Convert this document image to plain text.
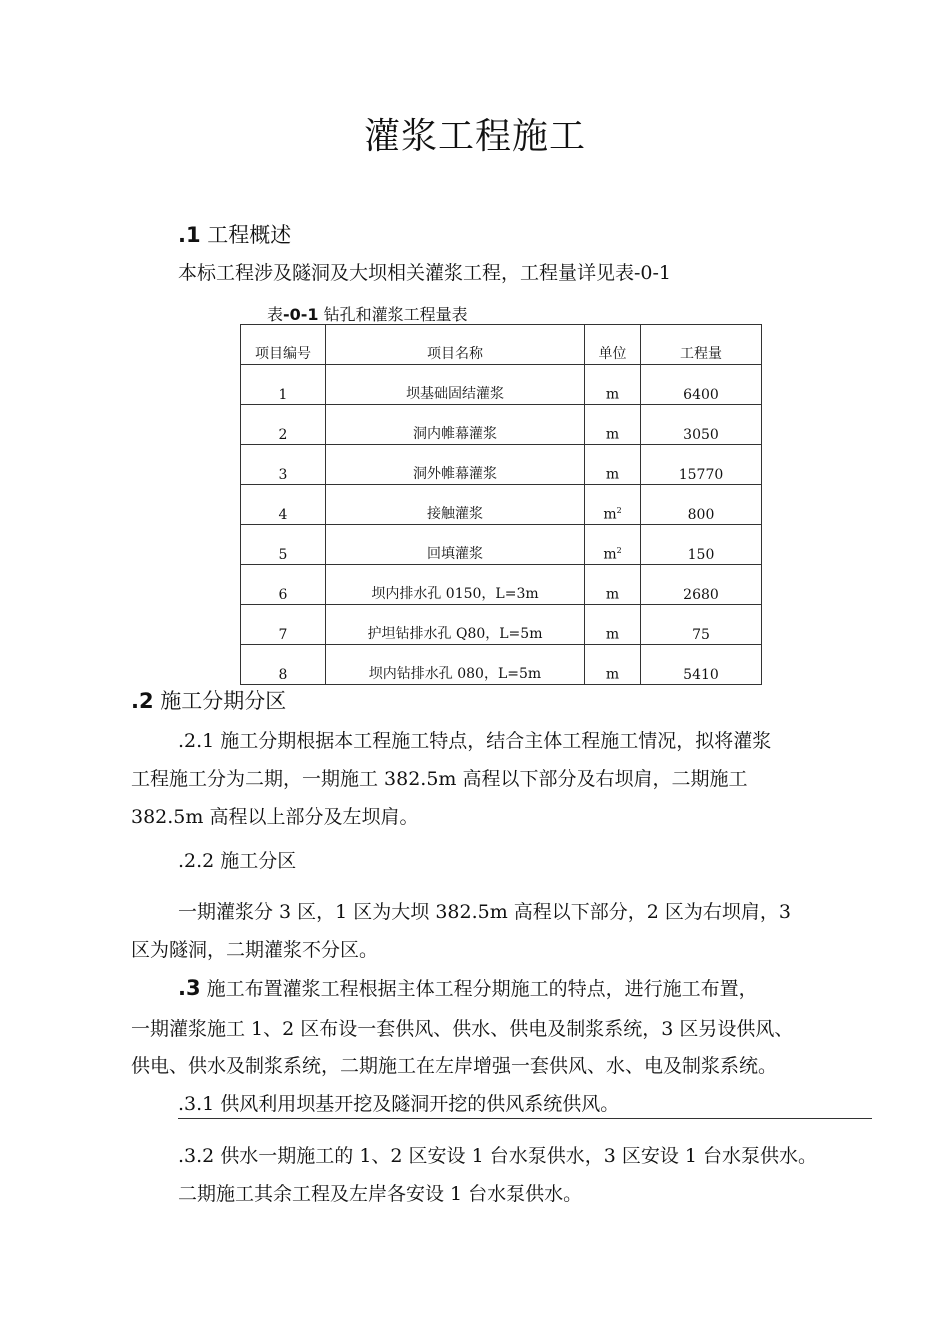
灌浆工程施工
.1 工程概述
本标工程涉及隧洞及大坝相关灌浆工程，工程量详见表-0-1
表-0-1 钻孔和灌浆工程量表
项目编号	项目名称	单位	工程量
1	坝基础固结灌浆	m	6400
2	洞内帷幕灌浆	m	3050
3	洞外帷幕灌浆	m	15770
4	接触灌浆	$m^2$	800
5	回填灌浆	$m^2$	150
6	坝内排水孔 0150，L=3m	m	2680
7	护坦钻排水孔 Q80，L=5m	m	75
8	坝内钻排水孔 080，L=5m	m	5410
.2 施工分期分区
.2.1 施工分期根据本工程施工特点，结合主体工程施工情况，拟将灌浆
工程施工分为二期，一期施工 382.5m 高程以下部分及右坝肩，二期施工
382.5m 高程以上部分及左坝肩。
.2.2 施工分区
一期灌浆分 3 区，1 区为大坝 382.5m 高程以下部分，2 区为右坝肩，3
区为隧洞，二期灌浆不分区。
.3 施工布置灌浆工程根据主体工程分期施工的特点，进行施工布置，
一期灌浆施工 1、2 区布设一套供风、供水、供电及制浆系统，3 区另设供风、
供电、供水及制浆系统，二期施工在左岸增强一套供风、水、电及制浆系统。
.3.1 供风利用坝基开挖及隧洞开挖的供风系统供风。
.3.2 供水一期施工的 1、2 区安设 1 台水泵供水，3 区安设 1 台水泵供水。
二期施工其余工程及左岸各安设 1 台水泵供水。
